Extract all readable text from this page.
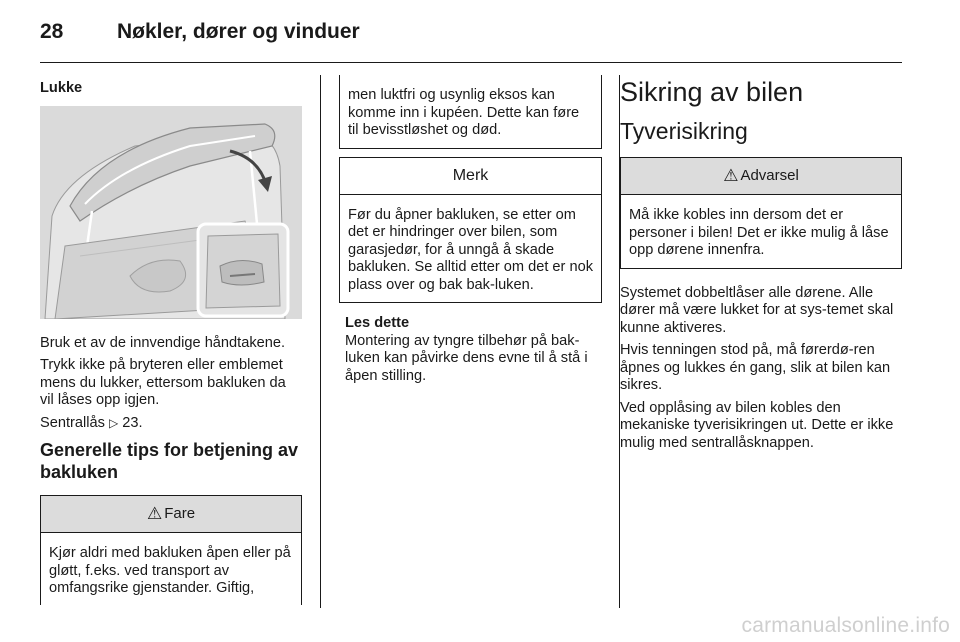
28	Nøkler, dører og vinduer
Lukke

Bruk et av de innvendige håndtakene.

Trykk ikke på bryteren eller emblemet mens du lukker, ettersom bakluken da vil låses opp igjen.

Sentrallås ▷ 23.

Generelle tips for betjening av bakluken
⚠ Fare
Kjør aldri med bakluken åpen eller på gløtt, f.eks. ved transport av omfangsrike gjenstander. Giftig,
men luktfri og usynlig eksos kan komme inn i kupéen. Dette kan føre til bevisstløshet og død.
Merk
Før du åpner bakluken, se etter om det er hindringer over bilen, som garasjedør, for å unngå å skade bakluken. Se alltid etter om det er nok plass over og bak bak-luken.
Les dette
Montering av tyngre tilbehør på bak-luken kan påvirke dens evne til å stå i åpen stilling.
Sikring av bilen
Tyverisikring
⚠ Advarsel
Må ikke kobles inn dersom det er personer i bilen! Det er ikke mulig å låse opp dørene innenfra.

Systemet dobbeltlåser alle dørene. Alle dører må være lukket for at sys-temet skal kunne aktiveres.

Hvis tenningen stod på, må førerdø-ren åpnes og lukkes én gang, slik at bilen kan sikres.

Ved opplåsing av bilen kobles den mekaniske tyverisikringen ut. Dette er ikke mulig med sentrallåsknappen.

carmanualsonline.info
